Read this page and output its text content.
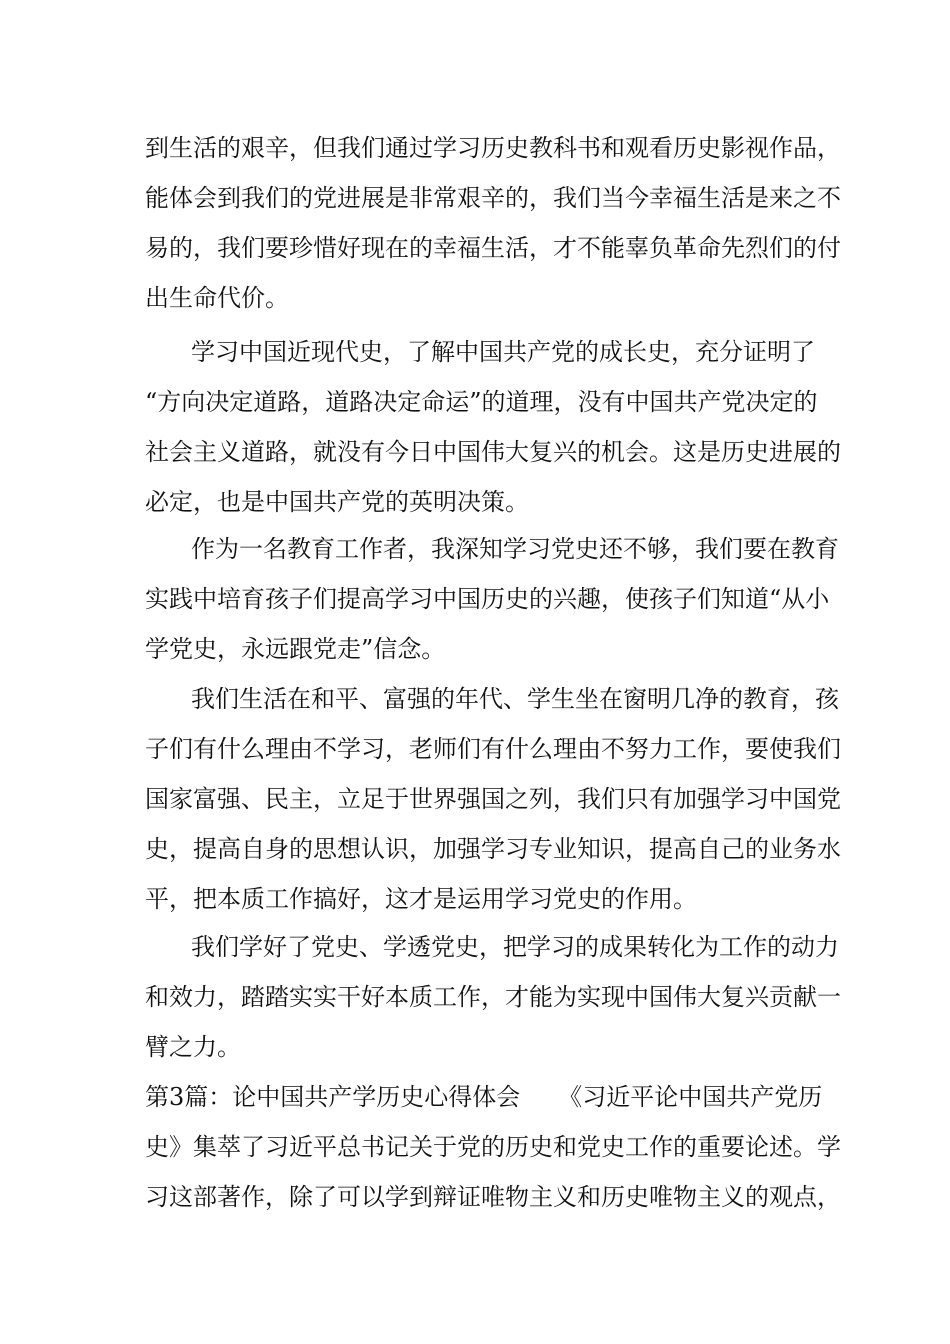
到生活的艰辛，但我们通过学习历史教科书和观看历史影视作品，
能体会到我们的党进展是非常艰辛的，我们当今幸福生活是来之不
易的，我们要珍惜好现在的幸福生活，才不能辜负革命先烈们的付
出生命代价。
学习中国近现代史，了解中国共产党的成长史，充分证明了
“方向决定道路，道路决定命运”的道理，没有中国共产党决定的
社会主义道路，就没有今日中国伟大复兴的机会。这是历史进展的
必定，也是中国共产党的英明决策。
作为一名教育工作者，我深知学习党史还不够，我们要在教育
实践中培育孩子们提高学习中国历史的兴趣，使孩子们知道“从小
学党史，永远跟党走”信念。
我们生活在和平、富强的年代、学生坐在窗明几净的教育，孩
子们有什么理由不学习，老师们有什么理由不努力工作，要使我们
国家富强、民主，立足于世界强国之列，我们只有加强学习中国党
史，提高自身的思想认识，加强学习专业知识，提高自己的业务水
平，把本质工作搞好，这才是运用学习党史的作用。
我们学好了党史、学透党史，把学习的成果转化为工作的动力
和效力，踏踏实实干好本质工作，才能为实现中国伟大复兴贡献一
臂之力。
第3篇：论中国共产学历史心得体会 《习近平论中国共产党历
史》集萃了习近平总书记关于党的历史和党史工作的重要论述。学
习这部著作，除了可以学到辩证唯物主义和历史唯物主义的观点，
